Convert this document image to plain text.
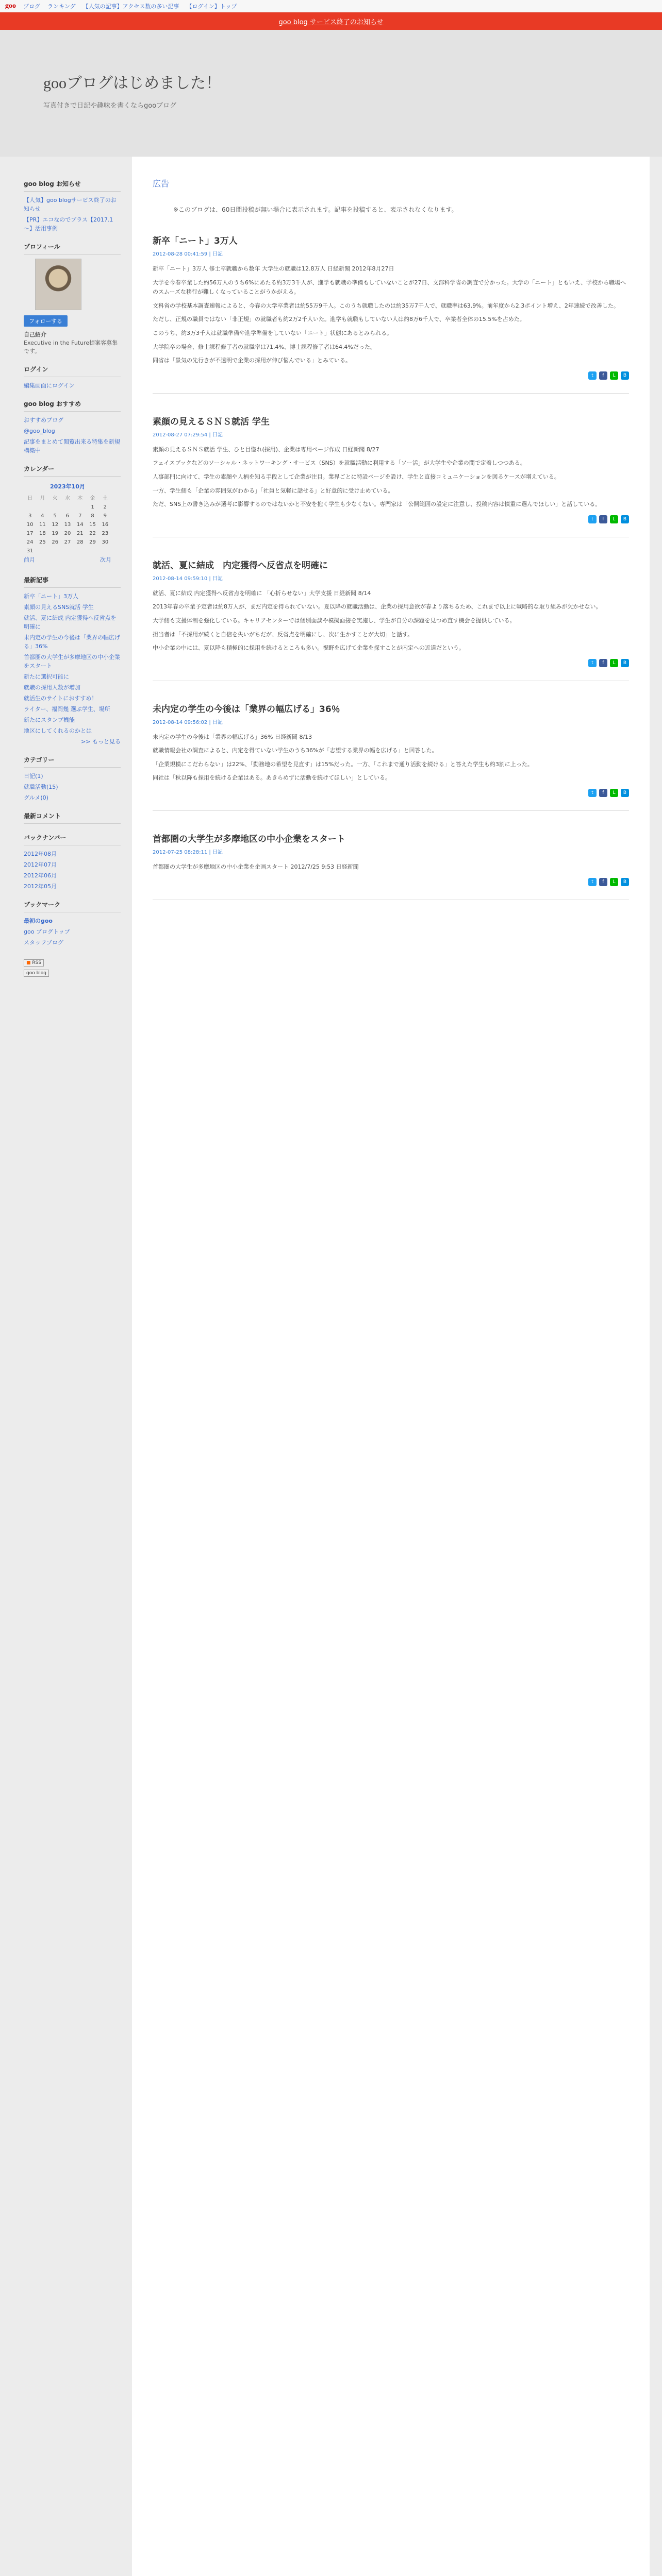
goo ブログ ランキング 【人気の記事】アクセス数の多い記事 【ログイン】トップ
goo blog サービス終了のお知らせ
gooブログはじめました！

写真付きで日記や趣味を書くならgooブログ

goo blog お知らせ
【人気】goo blogサービス終了のお知らせ
【PR】エコなのでプラス【2017.1～】活用事例
プロフィール
フォローする
自己紹介
Executive in the Future提案客募集です。
ログイン
編集画面にログイン
goo blog おすすめ
おすすめブログ
@goo_blog
記事をまとめて閲覧出来る特集を新規構築中
カレンダー
2023年10月						
日	月	火	水	木	金	土
					1	2
3	4	5	6	7	8	9
10	11	12	13	14	15	16
17	18	19	20	21	22	23
24	25	26	27	28	29	30
31						
前月	次月
最新記事
新卒「ニート」3万人
素顔の見えるSNS就活 学生
就活、夏に結成 内定獲得へ反省点を明確に
未内定の学生の今後は「業界の幅広げる」36%
首都圏の大学生が多摩地区の中小企業をスタート
新たに選択可能に
就職の採用人数が増加
就活生のサイトにおすすめ！
ライター、福岡幾 選ぶ学生、場所
新たにスタンプ機能
地区にしてくれるのかとは
>> もっと見る
カテゴリー
日記(1)
就職活動(15)
グルメ(0)
最新コメント
バックナンバー
2012年08月
2012年07月
2012年06月
2012年05月
ブックマーク
最初のgoo
goo ブログトップ
スタッフブログ
■ RSS
goo blog
広告
※このブログは、60日間投稿が無い場合に表示されます。記事を投稿すると、表示されなくなります。
新卒「ニート」3万人
2012-08-28 00:41:59 | 日記

新卒「ニート」3万人 修士卒就職から数年 大学生の就職は12.8万人 日経新聞 2012年8月27日

大学を今春卒業した約56万人のうち6%にあたる約3万3千人が、進学も就職の準備もしていないことが27日、文部科学省の調査で分かった。大学の「ニート」ともいえ、学校から職場へのスムーズな移行が難しくなっていることがうかがえる。

文科省の学校基本調査速報によると、今春の大学卒業者は約55万9千人。このうち就職したのは約35万7千人で、就職率は63.9%。前年度から2.3ポイント増え、2年連続で改善した。

ただし、正規の職員ではない「非正規」の就職者も約2万2千人いた。進学も就職もしていない人は約8万6千人で、卒業者全体の15.5%を占めた。

このうち、約3万3千人は就職準備や進学準備をしていない「ニート」状態にあるとみられる。

大学院卒の場合、修士課程修了者の就職率は71.4%、博士課程修了者は64.4%だった。

同省は「景気の先行きが不透明で企業の採用が伸び悩んでいる」とみている。

t f L B
素顔の見えるＳＮＳ就活 学生
2012-08-27 07:29:54 | 日記

素顔の見えるＳＮＳ就活 学生、ひと目惚れ(採用)、企業は専用ページ作成 日経新聞 8/27

フェイスブックなどのソーシャル・ネットワーキング・サービス（SNS）を就職活動に利用する「ソー活」が大学生や企業の間で定着しつつある。

人事部門に向けて、学生の素顔や人柄を知る手段として企業が注目。業界ごとに特設ページを設け、学生と直接コミュニケーションを図るケースが増えている。

一方、学生側も「企業の雰囲気がわかる」「社員と気軽に話せる」と好意的に受け止めている。

ただ、SNS上の書き込みが選考に影響するのではないかと不安を抱く学生も少なくない。専門家は「公開範囲の設定に注意し、投稿内容は慎重に選んでほしい」と話している。

t f L B
就活、夏に結成　内定獲得へ反省点を明確に
2012-08-14 09:59:10 | 日記

就活、夏に結成 内定獲得へ反省点を明確に 「心折らせない」大学支援 日経新聞 8/14

2013年春の卒業予定者は約8万人が、まだ内定を得られていない。夏以降の就職活動は、企業の採用意欲が春より落ちるため、これまで以上に戦略的な取り組みが欠かせない。

大学側も支援体制を強化している。キャリアセンターでは個別面談や模擬面接を実施し、学生が自分の課題を見つめ直す機会を提供している。

担当者は「不採用が続くと自信を失いがちだが、反省点を明確にし、次に生かすことが大切」と話す。

中小企業の中には、夏以降も積極的に採用を続けるところも多い。視野を広げて企業を探すことが内定への近道だという。

t f L B
未内定の学生の今後は「業界の幅広げる」36％
2012-08-14 09:56:02 | 日記

未内定の学生の今後は「業界の幅広げる」36% 日経新聞 8/13

就職情報会社の調査によると、内定を得ていない学生のうち36%が「志望する業界の幅を広げる」と回答した。

「企業規模にこだわらない」は22%、「勤務地の希望を見直す」は15%だった。一方、「これまで通り活動を続ける」と答えた学生も約3割に上った。

同社は「秋以降も採用を続ける企業はある。あきらめずに活動を続けてほしい」としている。

t f L B
首都圏の大学生が多摩地区の中小企業をスタート
2012-07-25 08:28:11 | 日記

首都圏の大学生が多摩地区の中小企業を企画スタート 2012/7/25 9:53 日経新聞

t f L B
